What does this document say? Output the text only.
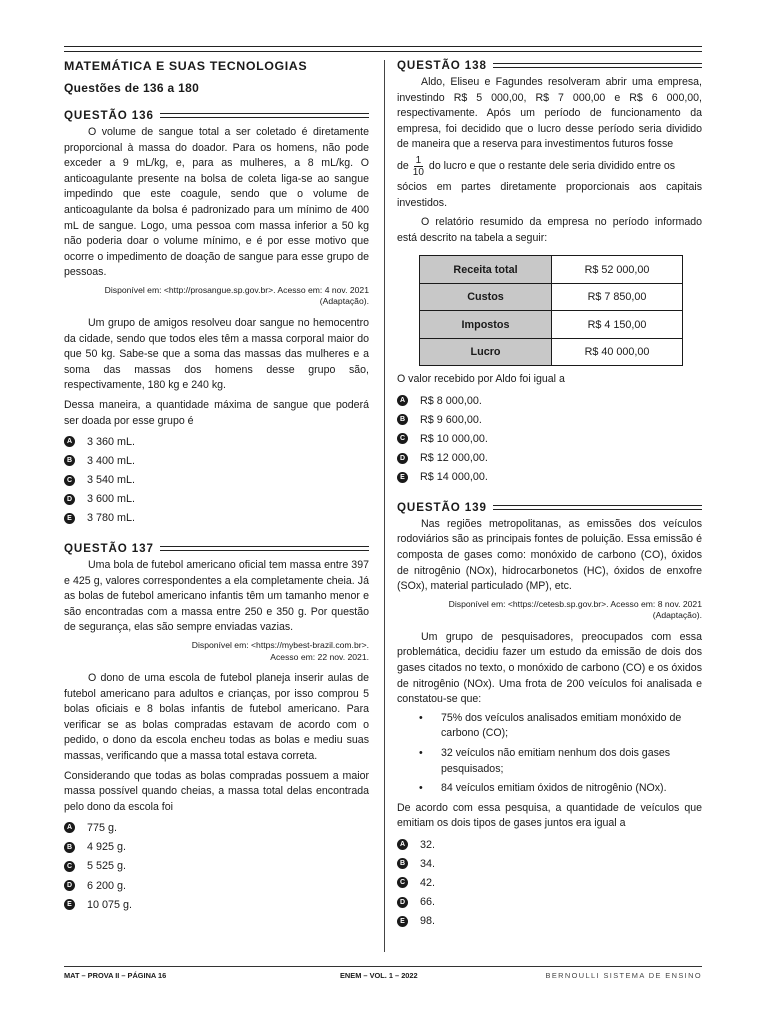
MATEMÁTICA E SUAS TECNOLOGIAS
Questões de 136 a 180
QUESTÃO 136

O volume de sangue total a ser coletado é diretamente proporcional à massa do doador. Para os homens, não pode exceder a 9 mL/kg, e, para as mulheres, a 8 mL/kg. O anticoagulante presente na bolsa de coleta liga-se ao sangue impedindo que este coagule, sendo que o volume de anticoagulante da bolsa é padronizado para um mínimo de 400 mL de sangue. Logo, uma pessoa com massa inferior a 50 kg não poderia doar o volume mínimo, e é por esse motivo que ocorre o impedimento de doação de sangue para esse grupo de pessoas.

Disponível em: <http://prosangue.sp.gov.br>. Acesso em: 4 nov. 2021
(Adaptação).

Um grupo de amigos resolveu doar sangue no hemocentro da cidade, sendo que todos eles têm a massa corporal maior do que 50 kg. Sabe-se que a soma das massas das mulheres e a soma das massas dos homens desse grupo são, respectivamente, 180 kg e 240 kg.

Dessa maneira, a quantidade máxima de sangue que poderá ser doada por esse grupo é

A 3 360 mL.
B 3 400 mL.
C 3 540 mL.
D 3 600 mL.
E 3 780 mL.
QUESTÃO 137

Uma bola de futebol americano oficial tem massa entre 397 e 425 g, valores correspondentes a ela completamente cheia. Já as bolas de futebol americano infantis têm um tamanho menor e são encontradas com a massa entre 250 e 350 g. Por questão de segurança, elas são sempre enviadas vazias.

Disponível em: <https://mybest-brazil.com.br>.
Acesso em: 22 nov. 2021.

O dono de uma escola de futebol planeja inserir aulas de futebol americano para adultos e crianças, por isso comprou 5 bolas oficiais e 8 bolas infantis de futebol americano. Para verificar se as bolas compradas estavam de acordo com o pedido, o dono da escola encheu todas as bolas e mediu suas massas, verificando que a massa total estava correta.

Considerando que todas as bolas compradas possuem a maior massa possível quando cheias, a massa total delas encontrada pelo dono da escola foi

A 775 g.
B 4 925 g.
C 5 525 g.
D 6 200 g.
E 10 075 g.
QUESTÃO 138

Aldo, Eliseu e Fagundes resolveram abrir uma empresa, investindo R$ 5 000,00, R$ 7 000,00 e R$ 6 000,00, respectivamente. Após um período de funcionamento da empresa, foi decidido que o lucro desse período seria dividido de maneira que a reserva para investimentos futuros fosse

de $\frac{1}{10}$ do lucro e que o restante dele seria dividido entre os

sócios em partes diretamente proporcionais aos capitais investidos.

O relatório resumido da empresa no período informado está descrito na tabela a seguir:

Receita total	R$ 52 000,00
Custos	R$ 7 850,00
Impostos	R$ 4 150,00
Lucro	R$ 40 000,00

O valor recebido por Aldo foi igual a

A R$ 8 000,00.
B R$ 9 600,00.
C R$ 10 000,00.
D R$ 12 000,00.
E R$ 14 000,00.
QUESTÃO 139

Nas regiões metropolitanas, as emissões dos veículos rodoviários são as principais fontes de poluição. Essa emissão é composta de gases como: monóxido de carbono (CO), óxidos de nitrogênio (NOx), hidrocarbonetos (HC), óxidos de enxofre (SOx), material particulado (MP), etc.

Disponível em: <https://cetesb.sp.gov.br>. Acesso em: 8 nov. 2021
(Adaptação).

Um grupo de pesquisadores, preocupados com essa problemática, decidiu fazer um estudo da emissão de dois dos gases citados no texto, o monóxido de carbono (CO) e os óxidos de nitrogênio (NOx). Uma frota de 200 veículos foi analisada e constatou-se que:

• 75% dos veículos analisados emitiam monóxido de carbono (CO);
• 32 veículos não emitiam nenhum dos dois gases pesquisados;
• 84 veículos emitiam óxidos de nitrogênio (NOx).

De acordo com essa pesquisa, a quantidade de veículos que emitiam os dois tipos de gases juntos era igual a

A 32.
B 34.
C 42.
D 66.
E 98.
MAT – PROVA II – PÁGINA 16	ENEM – VOL. 1 – 2022	BERNOULLI SISTEMA DE ENSINO
